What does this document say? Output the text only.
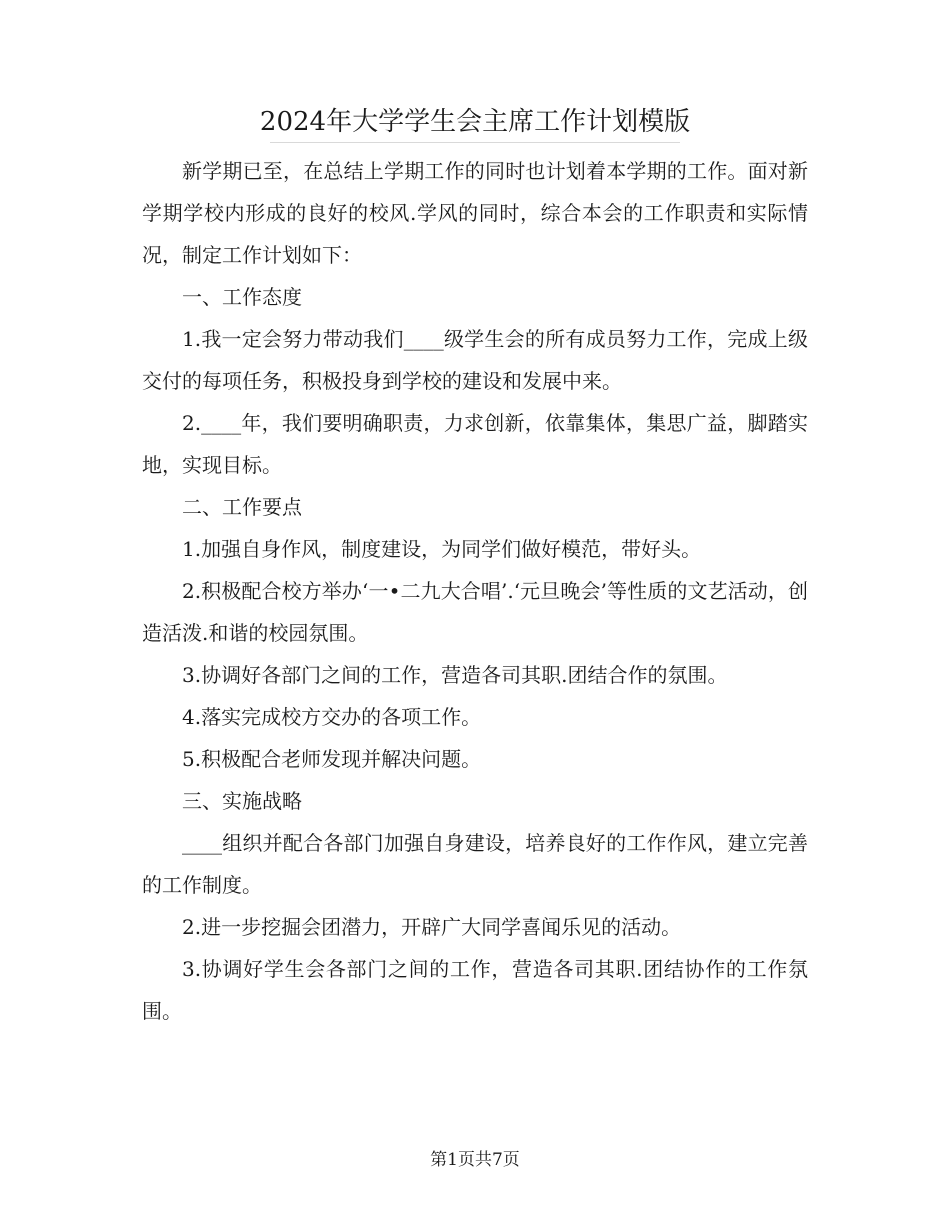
2024年大学学生会主席工作计划模版

新学期已至，在总结上学期工作的同时也计划着本学期的工作。面对新学期学校内形成的良好的校风.学风的同时，综合本会的工作职责和实际情况，制定工作计划如下：

一、工作态度

1.我一定会努力带动我们____级学生会的所有成员努力工作，完成上级交付的每项任务，积极投身到学校的建设和发展中来。

2.____年，我们要明确职责，力求创新，依靠集体，集思广益，脚踏实地，实现目标。

二、工作要点

1.加强自身作风，制度建设，为同学们做好模范，带好头。

2.积极配合校方举办‘一•二九大合唱’.‘元旦晚会’等性质的文艺活动，创造活泼.和谐的校园氛围。

3.协调好各部门之间的工作，营造各司其职.团结合作的氛围。

4.落实完成校方交办的各项工作。

5.积极配合老师发现并解决问题。

三、实施战略

____组织并配合各部门加强自身建设，培养良好的工作作风，建立完善的工作制度。

2.进一步挖掘会团潜力，开辟广大同学喜闻乐见的活动。

3.协调好学生会各部门之间的工作，营造各司其职.团结协作的工作氛围。

第1页共7页
